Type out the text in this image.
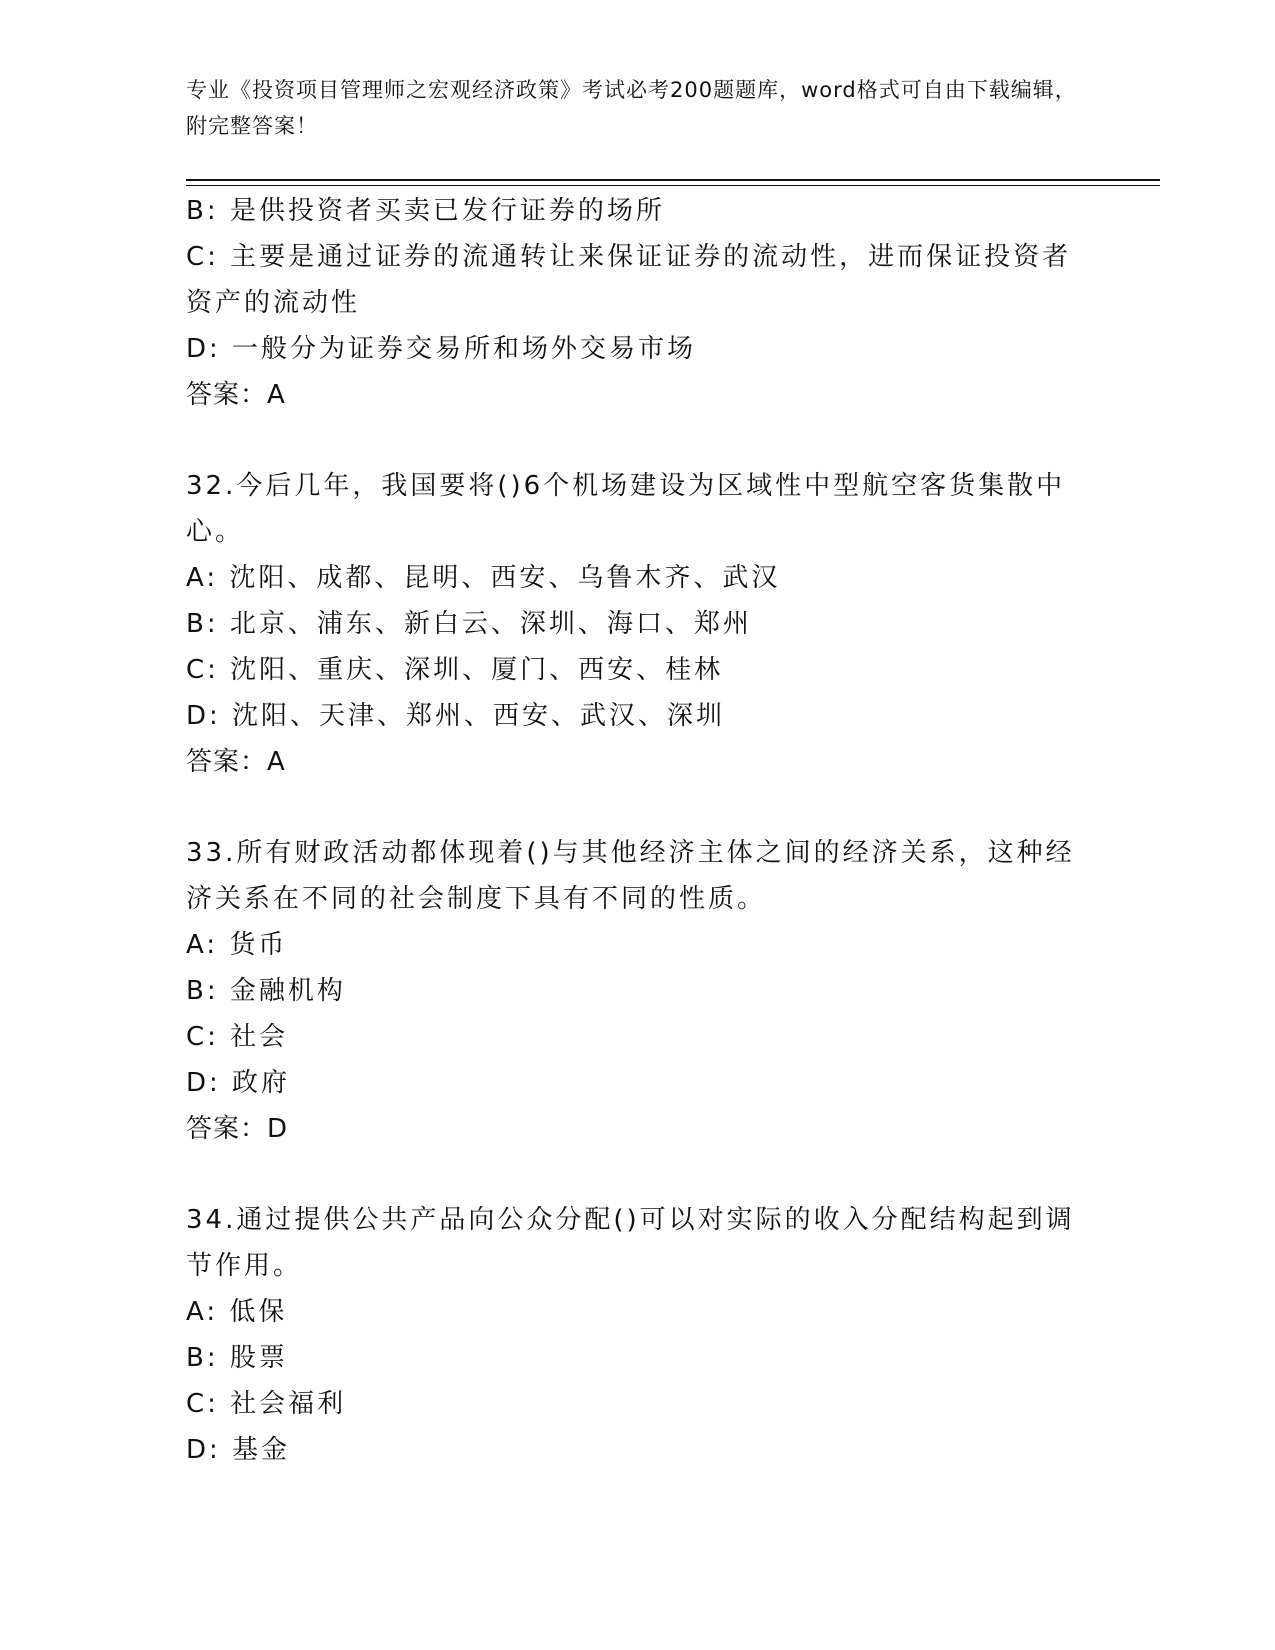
专业《投资项目管理师之宏观经济政策》考试必考200题题库，word格式可自由下载编辑，附完整答案！

B: 是供投资者买卖已发行证券的场所

C: 主要是通过证券的流通转让来保证证券的流动性，进而保证投资者资产的流动性

D: 一般分为证券交易所和场外交易市场

答案：A

32.今后几年，我国要将()6个机场建设为区域性中型航空客货集散中心。

A: 沈阳、成都、昆明、西安、乌鲁木齐、武汉

B: 北京、浦东、新白云、深圳、海口、郑州

C: 沈阳、重庆、深圳、厦门、西安、桂林

D: 沈阳、天津、郑州、西安、武汉、深圳

答案：A

33.所有财政活动都体现着()与其他经济主体之间的经济关系，这种经济关系在不同的社会制度下具有不同的性质。

A: 货币

B: 金融机构

C: 社会

D: 政府

答案：D

34.通过提供公共产品向公众分配()可以对实际的收入分配结构起到调节作用。

A: 低保

B: 股票

C: 社会福利

D: 基金
